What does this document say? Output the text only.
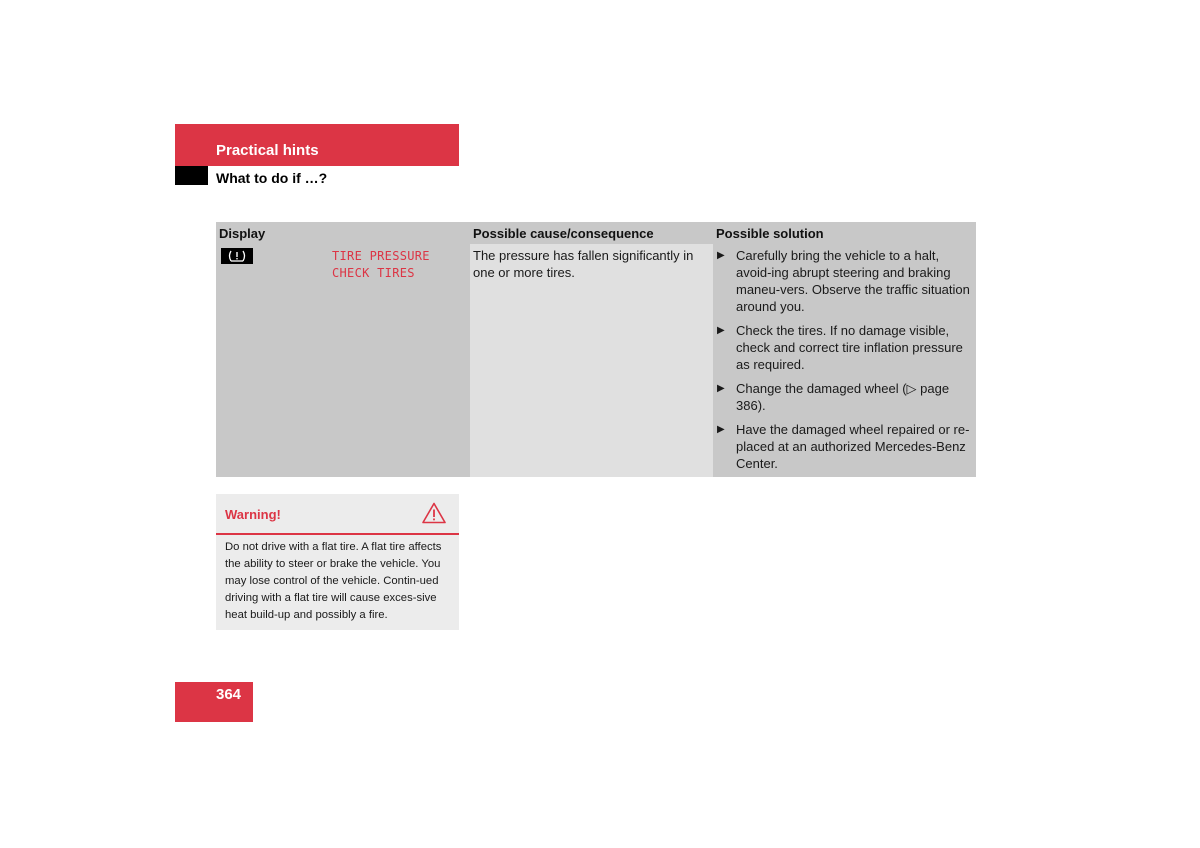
Practical hints
What to do if …?
Display	Possible cause/consequence	Possible solution
TIRE PRESSURE
CHECK TIRES
The pressure has fallen significantly in one or more tires.
▶ Carefully bring the vehicle to a halt, avoid-ing abrupt steering and braking maneu-vers. Observe the traffic situation around you.
▶ Check the tires. If no damage visible, check and correct tire inflation pressure as required.
▶ Change the damaged wheel (▷ page 386).
▶ Have the damaged wheel repaired or re-placed at an authorized Mercedes-Benz Center.
Warning!
Do not drive with a flat tire. A flat tire affects the ability to steer or brake the vehicle. You may lose control of the vehicle. Contin-ued driving with a flat tire will cause exces-sive heat build-up and possibly a fire.
364
